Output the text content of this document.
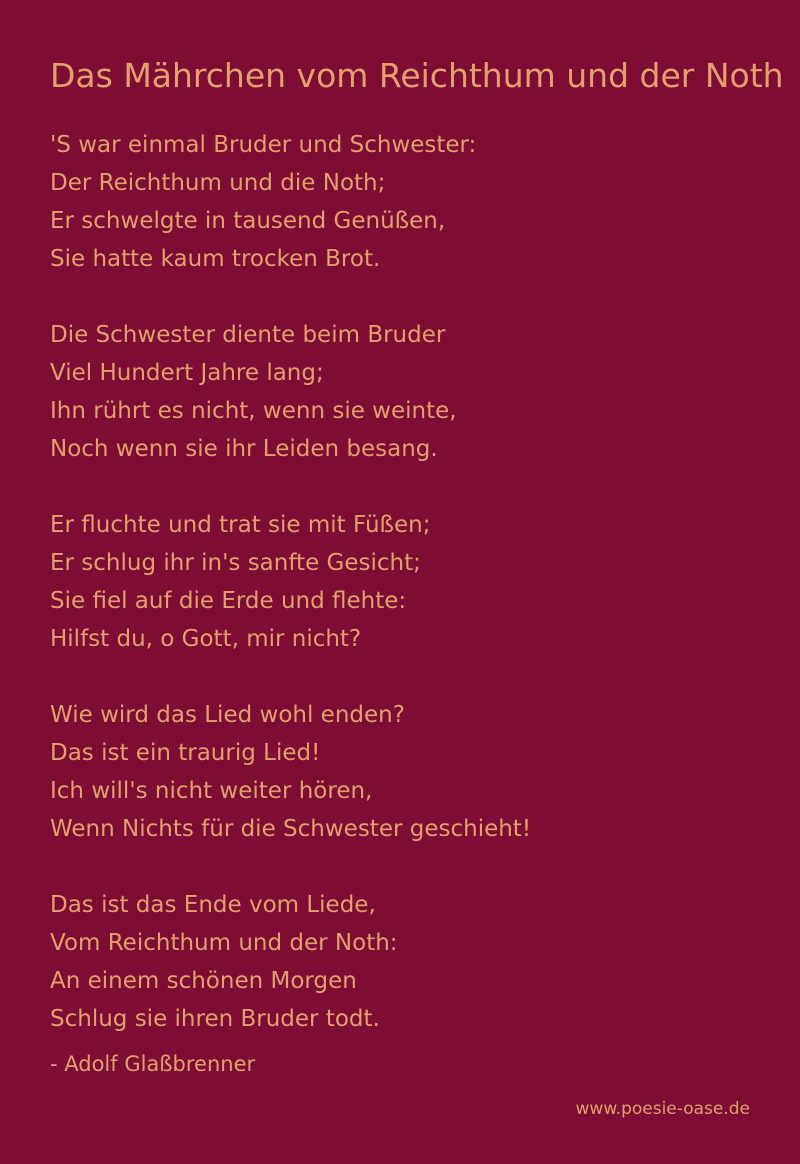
Das Mährchen vom Reichthum und der Noth
'S war einmal Bruder und Schwester:
Der Reichthum und die Noth;
Er schwelgte in tausend Genüßen,
Sie hatte kaum trocken Brot.
Die Schwester diente beim Bruder
Viel Hundert Jahre lang;
Ihn rührt es nicht, wenn sie weinte,
Noch wenn sie ihr Leiden besang.
Er fluchte und trat sie mit Füßen;
Er schlug ihr in's sanfte Gesicht;
Sie fiel auf die Erde und flehte:
Hilfst du, o Gott, mir nicht?
Wie wird das Lied wohl enden?
Das ist ein traurig Lied!
Ich will's nicht weiter hören,
Wenn Nichts für die Schwester geschieht!
Das ist das Ende vom Liede,
Vom Reichthum und der Noth:
An einem schönen Morgen
Schlug sie ihren Bruder todt.
- Adolf Glaßbrenner
www.poesie-oase.de
